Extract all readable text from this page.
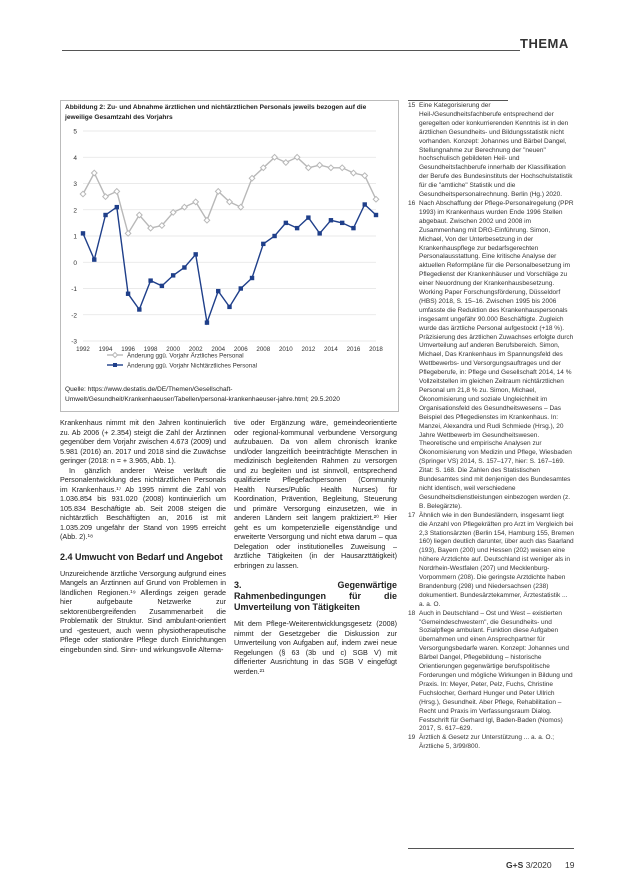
THEMA
Abbildung 2: Zu- und Abnahme ärztlichen und nichtärztlichen Personals jeweils bezogen auf die jeweilige Gesamtzahl des Vorjahrs
-3
-2
-1
0
1
2
3
4
5
1992 1994 1996 1998 2000 2002 2004 2006 2008 2010 2012 2014 2016 2018
Änderung ggü. Vorjahr Ärztliches Personal
Änderung ggü. Vorjahr Nichtärztliches Personal
Quelle: https://www.destatis.de/DE/Themen/Gesellschaft-Umwelt/Gesundheit/Krankenhaeuser/Tabellen/personal-krankenhaeuser-jahre.html; 29.5.2020

Krankenhaus nimmt mit den Jahren kontinuierlich zu. Ab 2006 (+ 2.354) steigt die Zahl der Ärztinnen gegenüber dem Vorjahr zwischen 4.673 (2009) und 5.981 (2016) an. 2017 und 2018 sind die Zuwächse geringer (2018: n = + 3.965, Abb. 1).

In gänzlich anderer Weise verläuft die Personalentwicklung des nichtärztlichen Personals im Krankenhaus.¹⁷ Ab 1995 nimmt die Zahl von 1.036.854 bis 931.020 (2008) kontinuierlich um 105.834 Beschäftigte ab. Seit 2008 steigen die nichtärztlich Beschäftigten an, 2016 ist mit 1.035.209 ungefähr der Stand von 1995 erreicht (Abb. 2).¹⁸

2.4 Umwucht von Bedarf und Angebot

Unzureichende ärztliche Versorgung aufgrund eines Mangels an Ärztinnen auf Grund von Problemen in ländlichen Regionen.¹⁹ Allerdings zeigen gerade hier aufgebaute Netzwerke zur sektorenübergreifenden Zusammenarbeit die Problematik der Struktur. Sind ambulant-orientiert und -gesteuert, auch wenn physiotherapeutische Pflege oder stationäre Pflege durch Einrichtungen eingebunden sind. Sinn- und wirkungsvolle Alterna-

tive oder Ergänzung wäre, gemeindeorientierte oder regional-kommunal verbundene Versorgung aufzubauen. Da von allem chronisch kranke und/oder langzeitlich beeinträchtigte Menschen in medizinisch begleitenden Rahmen zu versorgen und zu begleiten und ist sinnvoll, entsprechend qualifizierte Pflegefachpersonen (Community Health Nurses/Public Health Nurses) für Koordination, Prävention, Begleitung, Steuerung und primäre Versorgung einzusetzen, wie in anderen Ländern seit langem praktiziert.²⁰ Hier geht es um kompetenzielle eigenständige und erweiterte Versorgung und nicht etwa darum – qua Delegation oder institutionelles Zuweisung – ärztliche Tätigkeiten (in der Hausarzttätigkeit) erbringen zu lassen.

3. Gegenwärtige Rahmenbedingungen für die Umverteilung von Tätigkeiten

Mit dem Pflege-Weiterentwicklungsgesetz (2008) nimmt der Gesetzgeber die Diskussion zur Umverteilung von Aufgaben auf, indem zwei neue Regelungen (§ 63 (3b und c) SGB V) mit differierter Ausrichtung in das SGB V eingefügt werden.²¹

15 Eine Kategorisierung der Heil-/Gesundheitsfachberufe entsprechend der geregelten oder konkurrierenden Kenntnis ist in den ärztlichen Gesundheits- und Bildungsstatistik nicht vorhanden. Konzept: Johannes und Bärbel Dangel, Stellungnahme zur Berechnung der "neuen" hochschulisch gebildeten Heil- und Gesundheitsfachberufe innerhalb der Klassifikation der Berufe des Bundesinstituts der Hochschulstatistik für die "amtliche" Statistik und die Gesundheitspersonalrechnung. Berlin (Hg.) 2020.
16 Nach Abschaffung der Pflege-Personalregelung (PPR 1993) im Krankenhaus wurden Ende 1996 Stellen abgebaut. Zwischen 2002 und 2008 im Zusammenhang mit DRG-Einführung. Simon, Michael, Von der Unterbesetzung in der Krankenhauspflege zur bedarfsgerechten Personalausstattung. Eine kritische Analyse der aktuellen Reformpläne für die Personalbesetzung im Pflegedienst der Krankenhäuser und Vorschläge zu einer Neuordnung der Krankenhausbesetzung. Working Paper Forschungsförderung, Düsseldorf (HBS) 2018, S. 15–16. Zwischen 1995 bis 2006 umfasste die Reduktion des Krankenhauspersonals insgesamt ungefähr 90.000 Beschäftigte. Zugleich wurde das ärztliche Personal aufgestockt (+18 %). Präzisierung des ärztlichen Zuwachses erfolgte durch Umverteilung auf anderen Berufsbereich. Simon, Michael, Das Krankenhaus im Spannungsfeld des Wettbewerbs- und Versorgungsauftrages und der Pflegeberufe, in: Pflege und Gesellschaft 2014, 14 % Vollzeitstellen im gleichen Zeitraum nichtärztlichen Personal um 21,8 % zu. Simon, Michael, Ökonomisierung und soziale Ungleichheit im Organisationsfeld des Gesundheitswesens – Das Beispiel des Pflegedienstes im Krankenhaus. In: Manzei, Alexandra und Rudi Schmiede (Hrsg.), 20 Jahre Wettbewerb im Gesundheitswesen. Theoretische und empirische Analysen zur Ökonomisierung von Medizin und Pflege, Wiesbaden (Springer VS) 2014, S. 157–177, hier: S. 167–169. Zitat: S. 168. Die Zahlen des Statistischen Bundesamtes sind mit denjenigen des Bundesamtes nicht identisch, weil verschiedene Gesundheitsdienstleistungen einbezogen werden (z. B. Belegärzte).
17 Ähnlich wie in den Bundesländern, insgesamt liegt die Anzahl von Pflegekräften pro Arzt im Vergleich bei 2,3 Stationsärzten (Berlin 154, Hamburg 155, Bremen 160) liegen deutlich darunter, über auch das Saarland (193), Bayern (200) und Hessen (202) weisen eine höhere Arztdichte auf. Deutschland ist weniger als in Nordrhein-Westfalen (207) und Mecklenburg-Vorpommern (208). Die geringste Arztdichte haben Brandenburg (298) und Niedersachsen (238) dokumentiert. Bundesärztekammer, Ärztestatistik ... a. a. O.
18 Auch in Deutschland – Ost und West – existierten "Gemeindeschwestern", die Gesundheits- und Sozialpflege ambulant. Funktion diese Aufgaben übernahmen und einen Ansprechpartner für Versorgungsbedarfe waren. Konzept: Johannes und Bärbel Dangel, Pflegebildung – historische Orientierungen gegenwärtige berufspolitische Forderungen und mögliche Wirkungen in Bildung und Praxis. In: Meyer, Peter, Pelz, Fuchs, Christine Fuchslocher, Gerhard Hunger und Peter Ullrich (Hrsg.), Gesundheit. Aber Pflege, Rehabilitation – Recht und Praxis im Verfassungsraum Dialog. Festschrift für Gerhard Igl, Baden-Baden (Nomos) 2017, S. 617–629.
19 Ärztlich & Gesetz zur Unterstützung ... a. a. O.; Ärztliche 5, 3/99/800.
G+S 3/2020 19
